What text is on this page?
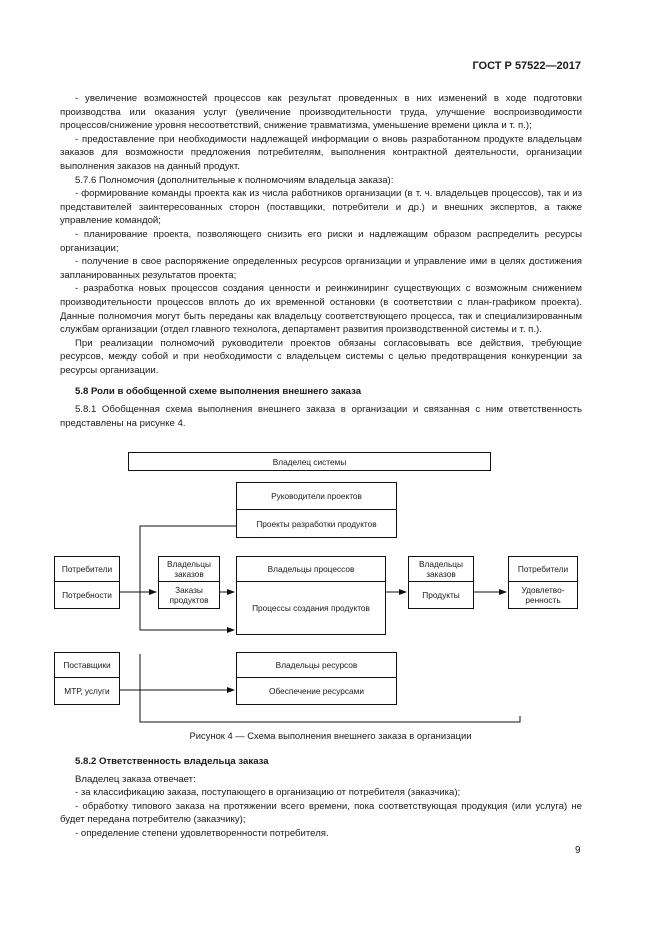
ГОСТ Р 57522—2017

- увеличение возможностей процессов как результат проведенных в них изменений в ходе подготовки производства или оказания услуг (увеличение производительности труда, улучшение воспроизводимости процессов/снижение уровня несоответствий, снижение травматизма, уменьшение времени цикла и т. п.);

- предоставление при необходимости надлежащей информации о вновь разработанном продукте владельцам заказов для возможности предложения потребителям, выполнения контрактной деятельности, организации выполнения заказов на данный продукт.

5.7.6 Полномочия (дополнительные к полномочиям владельца заказа):

- формирование команды проекта как из числа работников организации (в т. ч. владельцев процессов), так и из представителей заинтересованных сторон (поставщики, потребители и др.) и внешних экспертов, а также управление командой;

- планирование проекта, позволяющего снизить его риски и надлежащим образом распределить ресурсы организации;

- получение в свое распоряжение определенных ресурсов организации и управление ими в целях достижения запланированных результатов проекта;

- разработка новых процессов создания ценности и реинжиниринг существующих с возможным снижением производительности процессов вплоть до их временной остановки (в соответствии с план-графиком проекта). Данные полномочия могут быть переданы как владельцу соответствующего процесса, так и специализированным службам организации (отдел главного технолога, департамент развития производственной системы и т. п.).

При реализации полномочий руководители проектов обязаны согласовывать все действия, требующие ресурсов, между собой и при необходимости с владельцем системы с целью предотвращения конкуренции за ресурсы организации.

5.8 Роли в обобщенной схеме выполнения внешнего заказа

5.8.1 Обобщенная схема выполнения внешнего заказа в организации и связанная с ним ответственность представлены на рисунке 4.

Владелец системы
Руководители проектов
Проекты разработки продуктов
Потребители
Потребности
Владельцы заказов
Заказы продуктов
Владельцы процессов
Процессы создания продуктов
Владельцы заказов
Продукты
Потребители
Удовлетво-ренность
Поставщики
МТР, услуги
Владельцы ресурсов
Обеспечение ресурсами
Рисунок 4 — Схема выполнения внешнего заказа в организации

5.8.2 Ответственность владельца заказа

Владелец заказа отвечает:

- за классификацию заказа, поступающего в организацию от потребителя (заказчика);

- обработку типового заказа на протяжении всего времени, пока соответствующая продукция (или услуга) не будет передана потребителю (заказчику);

- определение степени удовлетворенности потребителя.

9
